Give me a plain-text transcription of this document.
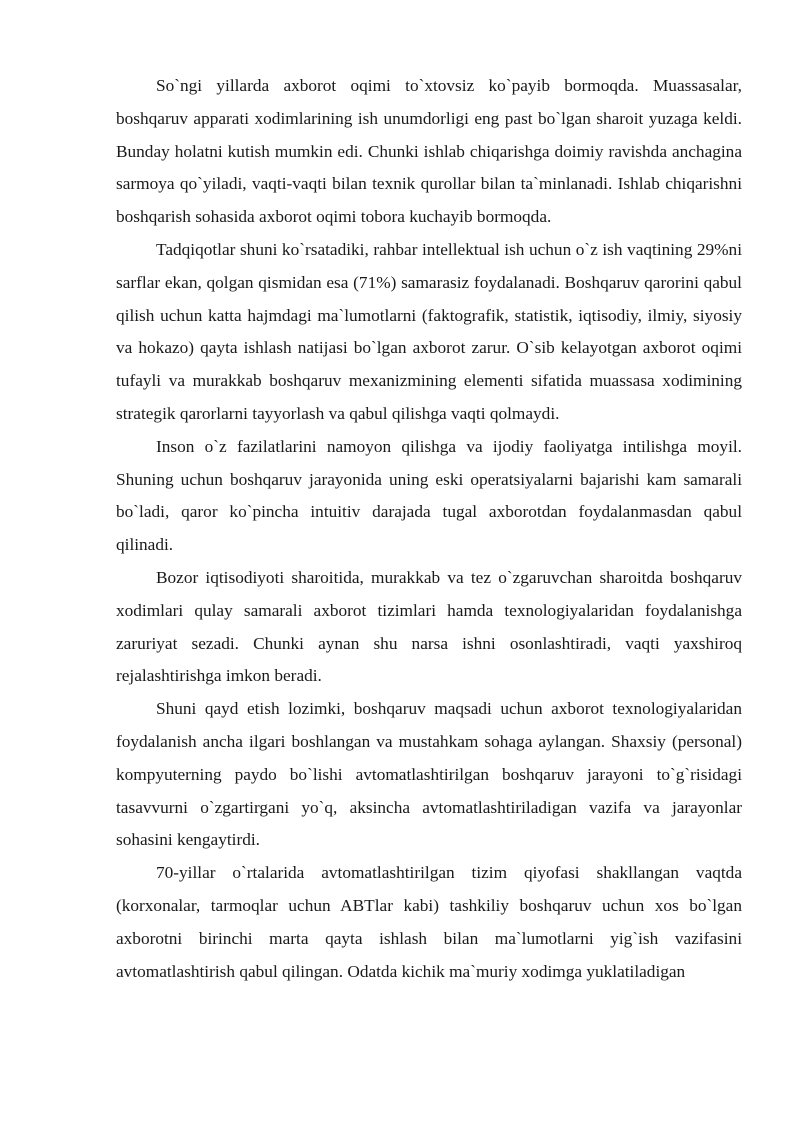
So`ngi yillarda axborot oqimi to`xtovsiz ko`payib bormoqda. Muassasalar, boshqaruv apparati xodimlarining ish unumdorligi eng past bo`lgan sharoit yuzaga keldi. Bunday holatni kutish mumkin edi. Chunki ishlab chiqarishga doimiy ravishda anchagina sarmoya qo`yiladi, vaqti-vaqti bilan texnik qurollar bilan ta`minlanadi. Ishlab chiqarishni boshqarish sohasida axborot oqimi tobora kuchayib bormoqda.

Tadqiqotlar shuni ko`rsatadiki, rahbar intellektual ish uchun o`z ish vaqtining 29%ni sarflar ekan, qolgan qismidan esa (71%) samarasiz foydalanadi. Boshqaruv qarorini qabul qilish uchun katta hajmdagi ma`lumotlarni (faktografik, statistik, iqtisodiy, ilmiy, siyosiy va hokazo) qayta ishlash natijasi bo`lgan axborot zarur. O`sib kelayotgan axborot oqimi tufayli va murakkab boshqaruv mexanizmining elementi sifatida muassasa xodimining strategik qarorlarni tayyorlash va qabul qilishga vaqti qolmaydi.

Inson o`z fazilatlarini namoyon qilishga va ijodiy faoliyatga intilishga moyil. Shuning uchun boshqaruv jarayonida uning eski operatsiyalarni bajarishi kam samarali bo`ladi, qaror ko`pincha intuitiv darajada tugal axborotdan foydalanmasdan qabul qilinadi.

Bozor iqtisodiyoti sharoitida, murakkab va tez o`zgaruvchan sharoitda boshqaruv xodimlari qulay samarali axborot tizimlari hamda texnologiyalaridan foydalanishga zaruriyat sezadi. Chunki aynan shu narsa ishni osonlashtiradi, vaqti yaxshiroq rejalashtirishga imkon beradi.

Shuni qayd etish lozimki, boshqaruv maqsadi uchun axborot texnologiyalaridan foydalanish ancha ilgari boshlangan va mustahkam sohaga aylangan. Shaxsiy (personal) kompyuterning paydo bo`lishi avtomatlashtirilgan boshqaruv jarayoni to`g`risidagi tasavvurni o`zgartirgani yo`q, aksincha avtomatlashtiriladigan vazifa va jarayonlar sohasini kengaytirdi.

70-yillar o`rtalarida avtomatlashtirilgan tizim qiyofasi shakllangan vaqtda (korxonalar, tarmoqlar uchun ABTlar kabi) tashkiliy boshqaruv uchun xos bo`lgan axborotni birinchi marta qayta ishlash bilan ma`lumotlarni yig`ish vazifasini avtomatlashtirish qabul qilingan. Odatda kichik ma`muriy xodimga yuklatiladigan
